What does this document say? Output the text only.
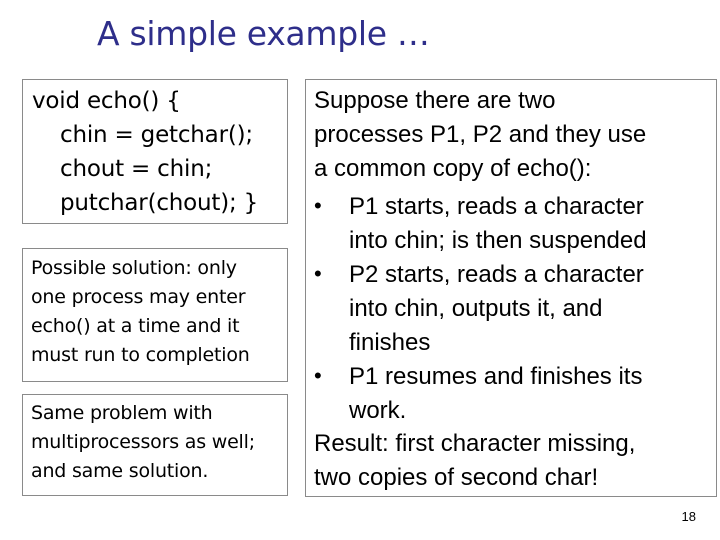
A simple example …
void echo() {
chin = getchar();
chout = chin;
putchar(chout); }
Possible solution: only
one process may enter
echo() at a time and it
must run to completion
Same problem with
multiprocessors as well;
and same solution.
Suppose there are two
processes P1, P2 and they use
a common copy of echo():
• P1 starts, reads a character
into chin; is then suspended
• P2 starts, reads a character
into chin, outputs it, and
finishes
• P1 resumes and finishes its
work.
Result: first character missing,
two copies of second char!
18
